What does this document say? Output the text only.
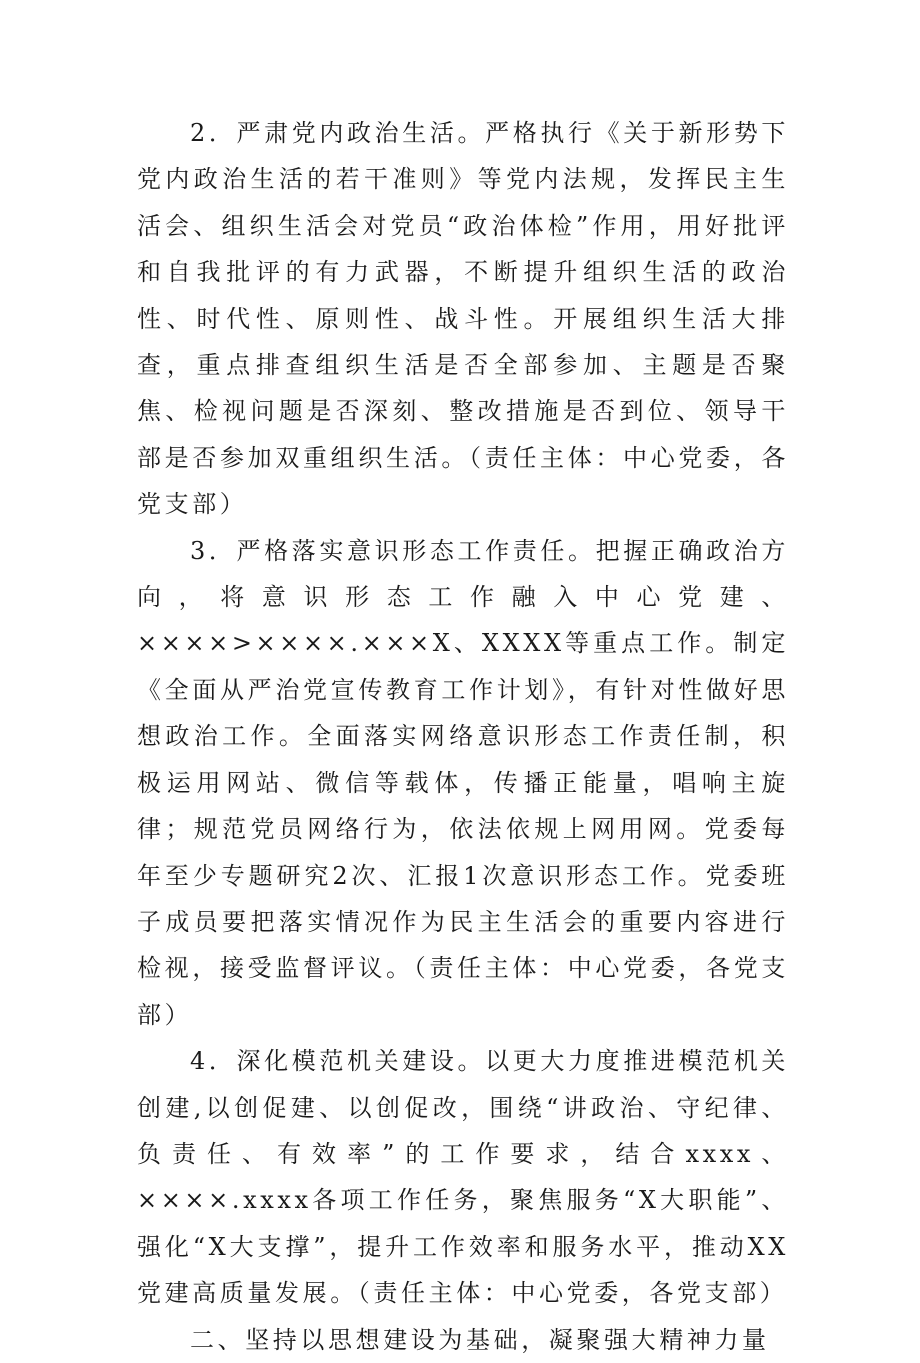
2．严肃党内政治生活。严格执行《关于新形势下党内政治生活的若干准则》等党内法规，发挥民主生活会、组织生活会对党员“政治体检”作用，用好批评和自我批评的有力武器，不断提升组织生活的政治性、时代性、原则性、战斗性。开展组织生活大排查，重点排查组织生活是否全部参加、主题是否聚焦、检视问题是否深刻、整改措施是否到位、领导干部是否参加双重组织生活。（责任主体：中心党委，各党支部）

3．严格落实意识形态工作责任。把握正确政治方向，将意识形态工作融入中心党建、××××>××××.×××X、XXXX等重点工作。制定《全面从严治党宣传教育工作计划》，有针对性做好思想政治工作。全面落实网络意识形态工作责任制，积极运用网站、微信等载体，传播正能量，唱响主旋律；规范党员网络行为，依法依规上网用网。党委每年至少专题研究2次、汇报1次意识形态工作。党委班子成员要把落实情况作为民主生活会的重要内容进行检视，接受监督评议。（责任主体：中心党委，各党支部）

4．深化模范机关建设。以更大力度推进模范机关创建,以创促建、以创促改，围绕“讲政治、守纪律、负责任、有效率”的工作要求，结合xxxx、××××.xxxx各项工作任务，聚焦服务“X大职能”、强化“X大支撑”，提升工作效率和服务水平，推动XX党建高质量发展。（责任主体：中心党委，各党支部）

二、坚持以思想建设为基础，凝聚强大精神力量
